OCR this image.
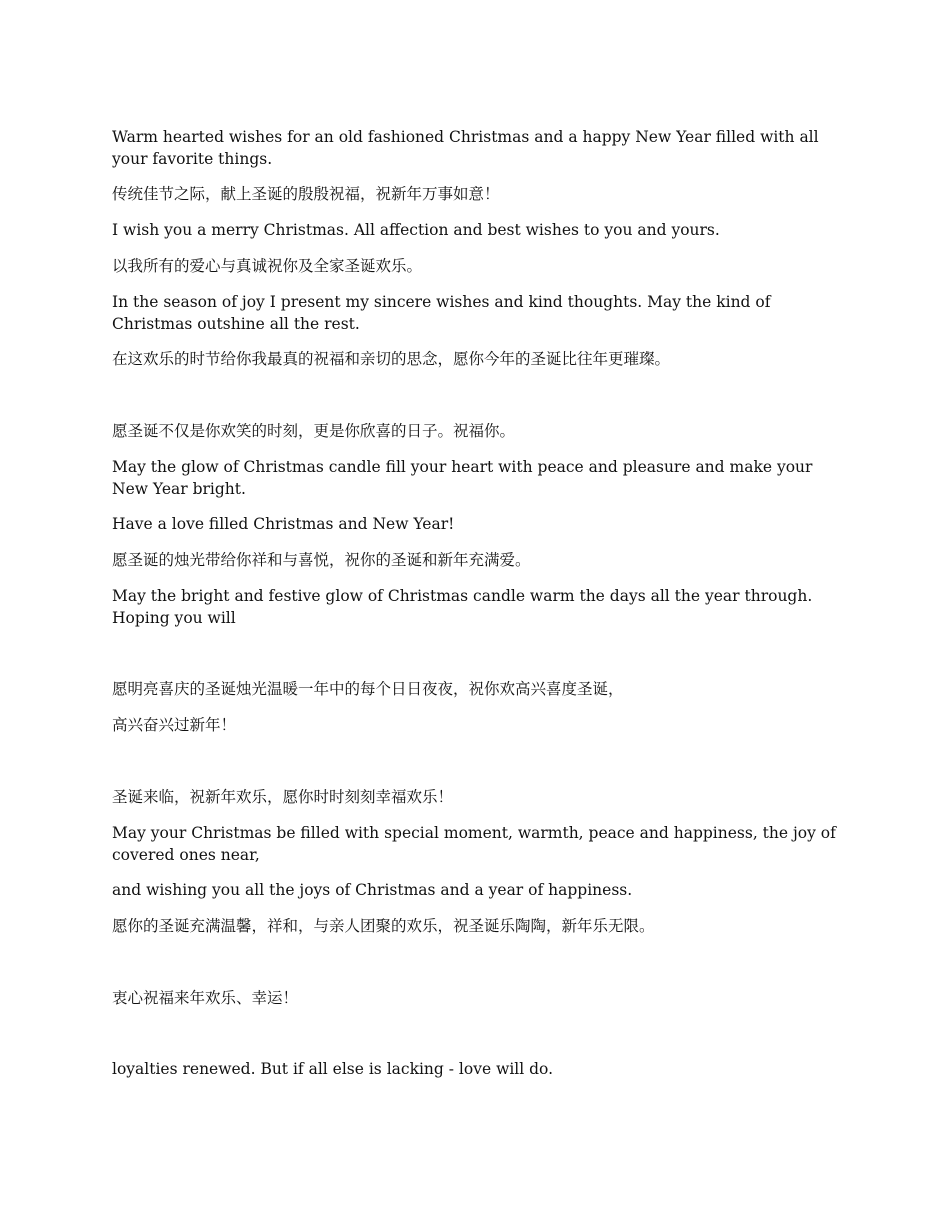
Warm hearted wishes for an old fashioned Christmas and a happy New Year filled with all your favorite things.

传统佳节之际，献上圣诞的殷殷祝福，祝新年万事如意！

I wish you a merry Christmas. All affection and best wishes to you and yours.

以我所有的爱心与真诚祝你及全家圣诞欢乐。

In the season of joy I present my sincere wishes and kind thoughts. May the kind of Christmas outshine all the rest.

在这欢乐的时节给你我最真的祝福和亲切的思念，愿你今年的圣诞比往年更璀璨。

愿圣诞不仅是你欢笑的时刻，更是你欣喜的日子。祝福你。

May the glow of Christmas candle fill your heart with peace and pleasure and make your New Year bright.

Have a love filled Christmas and New Year!

愿圣诞的烛光带给你祥和与喜悦，祝你的圣诞和新年充满爱。

May the bright and festive glow of Christmas candle warm the days all the year through. Hoping you will

愿明亮喜庆的圣诞烛光温暖一年中的每个日日夜夜，祝你欢高兴喜度圣诞，

高兴奋兴过新年！

圣诞来临，祝新年欢乐，愿你时时刻刻幸福欢乐！

May your Christmas be filled with special moment, warmth, peace and happiness, the joy of covered ones near,

and wishing you all the joys of Christmas and a year of happiness.

愿你的圣诞充满温馨，祥和，与亲人团聚的欢乐，祝圣诞乐陶陶，新年乐无限。

衷心祝福来年欢乐、幸运！

loyalties renewed. But if all else is lacking - love will do.
